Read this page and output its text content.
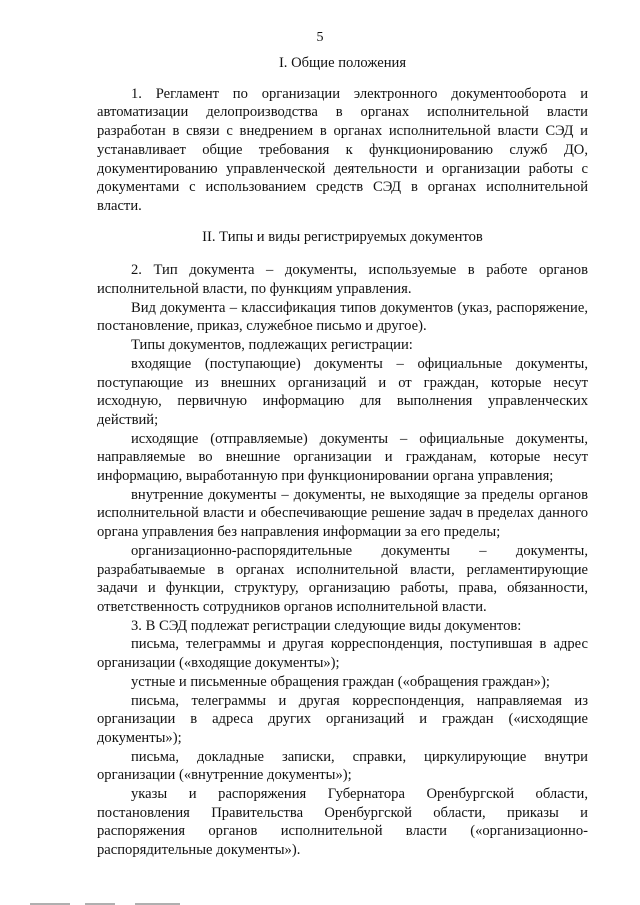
5
I. Общие положения

1. Регламент по организации электронного документооборота и автоматизации делопроизводства в органах исполнительной власти разработан в связи с внедрением в органах исполнительной власти СЭД и устанавливает общие требования к функционированию служб ДО, документированию управленческой деятельности и организации работы с документами с использованием средств СЭД в органах исполнительной власти.

II. Типы и виды регистрируемых документов

2. Тип документа – документы, используемые в работе органов исполнительной власти, по функциям управления.

Вид документа – классификация типов документов (указ, распоряжение, постановление, приказ, служебное письмо и другое).

Типы документов, подлежащих регистрации:

входящие (поступающие) документы – официальные документы, поступающие из внешних организаций и от граждан, которые несут исходную, первичную информацию для выполнения управленческих действий;

исходящие (отправляемые) документы – официальные документы, направляемые во внешние организации и гражданам, которые несут информацию, выработанную при функционировании органа управления;

внутренние документы – документы, не выходящие за пределы органов исполнительной власти и обеспечивающие решение задач в пределах данного органа управления без направления информации за его пределы;

организационно-распорядительные документы – документы, разрабатываемые в органах исполнительной власти, регламентирующие задачи и функции, структуру, организацию работы, права, обязанности, ответственность сотрудников органов исполнительной власти.

3. В СЭД подлежат регистрации следующие виды документов:

письма, телеграммы и другая корреспонденция, поступившая в адрес организации («входящие документы»);

устные и письменные обращения граждан («обращения граждан»);

письма, телеграммы и другая корреспонденция, направляемая из организации в адреса других организаций и граждан («исходящие документы»);

письма, докладные записки, справки, циркулирующие внутри организации («внутренние документы»);

указы и распоряжения Губернатора Оренбургской области, постановления Правительства Оренбургской области, приказы и распоряжения органов исполнительной власти («организационно-распорядительные документы»).
